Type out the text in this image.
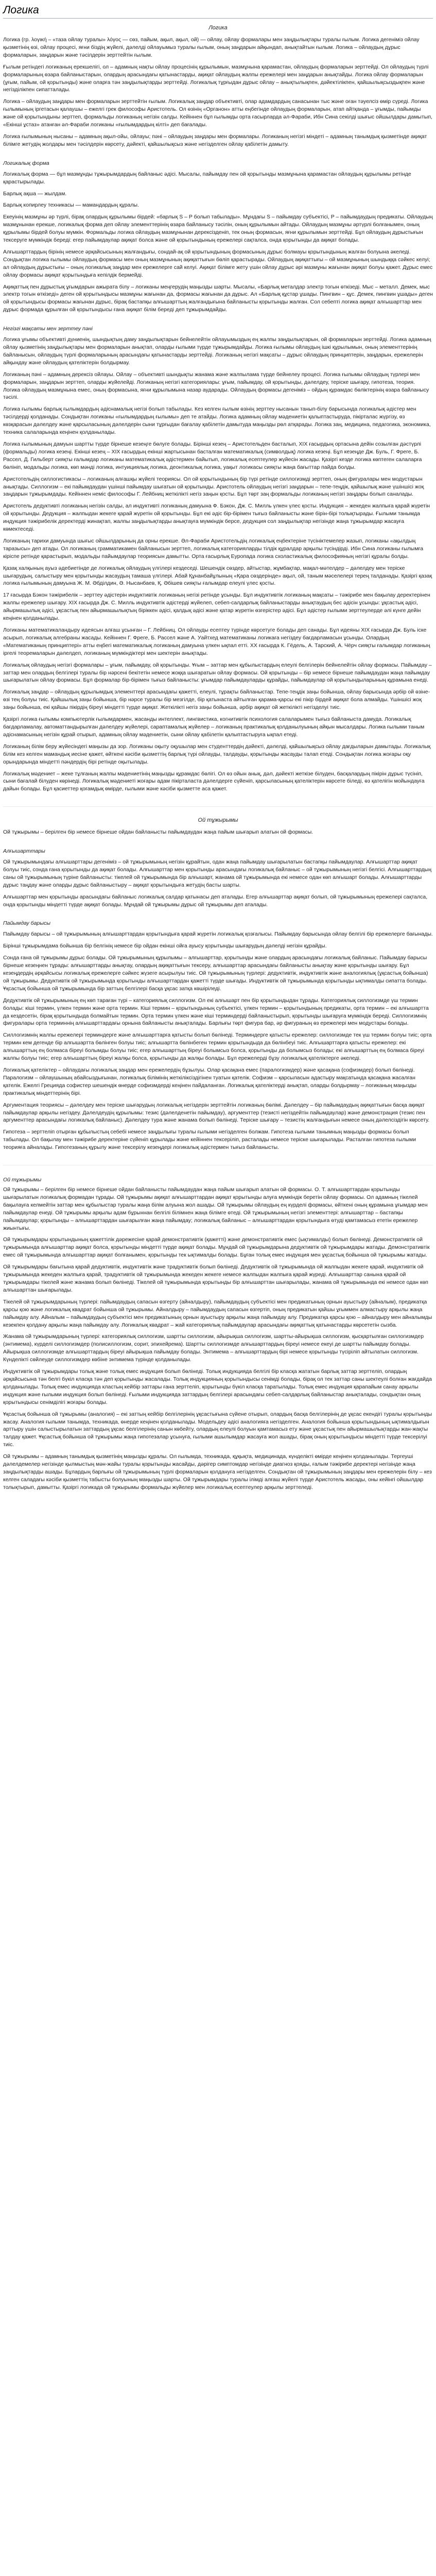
Логика
Логика

Логика (гр. λογική – «таза ойлау туралы» λόγος — сөз, пайым, ақыл, ақыл, ой) — ойлау, ойлау формалары мен заңдылықтары туралы ғылым. Логика дегеніміз ойлау қызметінің өзі, ойлау процесі, яғни біздің жүйелі, дәлелді ойлауымыз туралы ғылым, оның заңдарын айқындап, анықтайтын ғылым. Логика – ойлаудың дұрыс формаларын, заңдарын және тәсілдерін зерттейтін ғылым.

Ғылым ретіндегі логиканың ерекшелігі, ол – адамның нақты ойлау процесінің құрылымын, мазмұнына қарамастан, ойлаудың формаларын зерттейді. Ол ойлаудың түрлі формаларының өзара байланыстарын, олардың арасындағы қатынастарды, ақиқат ойлаудың жалпы ережелері мен заңдарын анықтайды. Логика ойлау формаларын (ұғым, пайым, ой қорытынды) және оларға тән заңдылықтарды зерттейді. Логикалық тұрғыдан дұрыс ойлау – анықтылықпен, дәйектілікпен, қайшылықсыздықпен және негізділікпен сипатталады.

Логика – ойлаудың заңдары мен формаларын зерттейтін ғылым. Логикалық заңдар объективті, олар адамдардың санасынан тыс және оған тәуелсіз өмір сүреді. Логика ғылымының іргетасын қалаушы – ежелгі грек философы Аристотель. Ол өзінің «Органон» атты еңбегінде ойлаудың формаларын, атап айтқанда – ұғымды, пайымды және ой қорытындыны зерттеп, формальды логиканың негізін салды. Кейіннен бұл ғылымды орта ғасырларда әл-Фараби, Ибн Сина секілді шығыс ойшылдары дамытып, «Екінші ұстаз» атанған әл-Фараби логиканы «ғылымдардың кілті» деп бағалады.

Логика ғылымының нысаны – адамның ақыл-ойы, ойлауы; пәні – ойлаудың заңдары мен формалары. Логиканың негізгі міндеті – адамның танымдық қызметінде ақиқат білімге жетудің жолдары мен тәсілдерін көрсету, дәйекті, қайшылықсыз және негізделген ойлау қабілетін дамыту.

Логикалық форма

Логикалық форма — бұл мазмұнды тұжырымдардың байланыс әдісі. Мысалы, пайымдау пен ой қорытынды мазмұнына қарамастан ойлаудың құрылымы ретінде қарастырылады.

Барлық ақша — жылдам.

Барлық копирлеу техникасы — мамандардың құралы.

Екеуінің мазмұны әр түрлі, бірақ олардың құрылымы бірдей: «барлық S – P болып табылады». Мұндағы S – пайымдау субъектісі, P – пайымдаудың предикаты. Ойлаудың мазмұнынан ерекше, логикалық форма деп ойлау элементтерінің өзара байланысу тәсілін, оның құрылымын айтады. Ойлаудың мазмұны әртүрлі болғанымен, оның құрылымы бірдей болуы мүмкін. Формальды логика ойлаудың мазмұнынан дерексізденіп, тек оның формасын, яғни құрылымын зерттейді. Бұл ойлаудың дұрыстығын тексеруге мүмкіндік береді: егер пайымдаулар ақиқат болса және ой қорытындының ережелері сақталса, онда қорытынды да ақиқат болады.

Алғышарттардың бірінің немесе әрқайсысының жалғандығы, сондай-ақ ой қорытындының формасының дұрыс болмауы қорытындының жалған болуына әкеледі. Сондықтан логика ғылымы ойлаудың формасы мен оның мазмұнының ақиқаттығын бөліп қарастырады. Ойлаудың ақиқаттығы – ой мазмұнының шындыққа сәйкес келуі; ал ойлаудың дұрыстығы – оның логикалық заңдар мен ережелерге сай келуі. Ақиқат білімге жету үшін ойлау дұрыс әрі мазмұны жағынан ақиқат болуы қажет. Дұрыс емес ойлау формасы ақиқат қорытындыға кепілдік бермейді.

Ақиқаттық пен дұрыстық ұғымдарын ажырата білу – логиканы меңгерудің маңызды шарты. Мысалы, «Барлық металдар электр тогын өткізеді. Мыс – металл. Демек, мыс электр тогын өткізеді» деген ой қорытындысы мазмұны жағынан да, формасы жағынан да дұрыс. Ал «Барлық құстар ұшады. Пингвин – құс. Демек, пингвин ұшады» деген ой қорытындысы формасы жағынан дұрыс, бірақ бастапқы алғышарттың жалғандығына байланысты қорытынды жалған. Сол себепті логика ақиқат алғышарттар мен дұрыс формада құрылған ой қорытындысы ғана ақиқат білім береді деп тұжырымдайды.

Негізгі мақсаты мен зерттеу пәні

Логика ұғымы объективті дүниенің, шындықтың даму заңдылықтарын бейнелейтін ойлауымыздың ең жалпы заңдылықтарын, ой формаларын зерттейді. Логика адамның ойлау қызметінің заңдылықтары мен формаларын анықтап, оларды ғылыми түрде тұжырымдайды. Логика ғылымы ойлаудың ішкі құрылымын, оның элементтерінің байланысын, ойлаудың түрлі формаларының арасындағы қатынастарды зерттейді. Логиканың негізгі мақсаты – дұрыс ойлаудың принциптерін, заңдарын, ережелерін айқындау және ойлаудың қателіктерін болдырмау.

Логиканың пәні – адамның дерексіз ойлауы. Ойлау – объективті шындықты жанама және жалпылама түрде бейнелеу процесі. Логика ғылымы ойлаудың түрлері мен формаларын, заңдарын зерттеп, оларды жүйелейді. Логиканың негізгі категориялары: ұғым, пайымдау, ой қорытынды, дәлелдеу, теріске шығару, гипотеза, теория. Логика ойлаудың мазмұнына емес, оның формасына, яғни құрылымына назар аударады. Ойлаудың формасы дегеніміз – ойдың құрамдас бөліктерінің өзара байланысу тәсілі.

Логика ғылымы барлық ғылымдардың әдіснамалық негізі болып табылады. Кез келген ғылым өзінің зерттеу нысанын танып-білу барысында логикалық әдістер мен тәсілдерді қолданады. Сондықтан логиканы «ғылымдардың ғылымы» деп те атайды. Логика адамның ойлау мәдениетін қалыптастыруда, пікірталас жүргізу, өз көзқарасын дәлелдеу және қарсыласының дәлелдерін сыни тұрғыдан бағалау қабілетін дамытуда маңызды рөл атқарады. Логика заң, медицина, педагогика, экономика, техника салаларында кеңінен қолданылады.

Логика ғылымының дамуын шартты түрде бірнеше кезеңге бөлуге болады. Бірінші кезең – Аристотельден басталып, XIX ғасырдың ортасына дейін созылған дәстүрлі (формальды) логика кезеңі. Екінші кезең – XIX ғасырдың екінші жартысынан басталған математикалық (символдық) логика кезеңі. Бұл кезеңде Дж. Буль, Г. Фреге, Б. Рассел, Д. Гильберт сияқты ғалымдар логиканы математикалық әдістермен байытып, логикалық есептеулер жүйесін жасады. Қазіргі кезде логика көптеген салаларға бөлініп, модальды логика, көп мәнді логика, интуициялық логика, деонтикалық логика, уақыт логикасы сияқты жаңа бағыттар пайда болды.

Аристотельдің силлогистикасы – логиканың алғашқы жүйелі теориясы. Ол ой қорытындының бір түрі ретінде силлогизмді зерттеп, оның фигуралары мен модустарын анықтады. Силлогизм – екі пайымдаудан үшінші пайымдау шығатын ой қорытынды. Аристотель ойлаудың негізгі заңдарын – тепе-теңдік, қайшылық және үшіншісі жоқ заңдарын тұжырымдады. Кейіннен неміс философы Г. Лейбниц жеткілікті негіз заңын қосты. Бұл төрт заң формальды логиканың негізгі заңдары болып саналады.

Аристотель дедуктивті логиканың негізін салды, ал индуктивті логиканың дамуына Ф. Бэкон, Дж. С. Милль үлкен үлес қосты. Индукция – жекеден жалпыға қарай жүретін ой қорытынды. Дедукция – жалпыдан жекеге қарай жүретін ой қорытынды. Бұл екі әдіс бір-бірімен тығыз байланысты және бірін-бірі толықтырады. Ғылыми танымда индукция тәжірибелік деректерді жинақтап, жалпы заңдылықтарды анықтауға мүмкіндік берсе, дедукция сол заңдылықтар негізінде жаңа тұжырымдар жасауға көмектеседі.

Логиканың тарихи дамуында шығыс ойшылдарының да орны ерекше. Әл-Фараби Аристотельдің логикалық еңбектеріне түсініктемелер жазып, логиканы «ақылдың таразысы» деп атады. Ол логиканың грамматикамен байланысын зерттеп, логикалық категорияларды тілдік құралдар арқылы түсіндірді. Ибн Сина логиканы ғылымға кіріспе ретінде қарастырып, модальды пайымдаулар теориясын дамытты. Орта ғасырлық Еуропада логика схоластикалық философияның негізгі құралы болды.

Қазақ халқының ауыз әдебиетінде де логикалық ойлаудың үлгілері кездеседі. Шешендік сөздер, айтыстар, жұмбақтар, мақал-мәтелдер – дәлелдеу мен теріске шығарудың, салыстыру мен қорытынды жасаудың тамаша үлгілері. Абай Құнанбайұлының «Қара сөздерінде» ақыл, ой, таным мәселелері терең талданады. Қазіргі қазақ логика ғылымының дамуына Ж. М. Әбділдин, Ә. Нысанбаев, Қ. Әбішев сияқты ғалымдар елеулі үлес қосты.

17 ғасырда Бэкон тәжірибелік – зерттеу әдістерін индуктивтік логиканың негізі ретінде ұсынды. Бұл индуктивтік логиканың мақсаты – тәжірибе мен бақылау деректерінен жалпы ережелер шығару. XIX ғасырда Дж. С. Милль индуктивтік әдістерді жүйелеп, себеп-салдарлық байланыстарды анықтаудың бес әдісін ұсынды: ұқсастық әдісі, айырмашылық әдісі, ұқсастық пен айырмашылықтың біріккен әдісі, қалдық әдісі және қатар жүретін өзгерістер әдісі. Бұл әдістер ғылыми зерттеулерде әлі күнге дейін кеңінен қолданылады.

Логиканы математикаландыру идеясын алғаш ұсынған – Г. Лейбниц. Ол ойлауды есептеу түрінде көрсетуге болады деп санады. Бұл идеяны XIX ғасырда Дж. Буль іске асырып, логикалық алгебраны жасады. Кейіннен Г. Фреге, Б. Рассел және А. Уайтхед математиканы логикаға негіздеу бағдарламасын ұсынды. Олардың «Математиканың принциптері» атты еңбегі математикалық логиканың дамуына үлкен ықпал етті. XX ғасырда К. Гёдель, А. Тарский, А. Чёрч сияқты ғалымдар логиканың іргелі теоремаларын дәлелдеп, логиканың мүмкіндіктері мен шектерін анықтады.

Логикалық ойлаудың негізгі формалары – ұғым, пайымдау, ой қорытынды. Ұғым – заттар мен құбылыстардың елеулі белгілерін бейнелейтін ойлау формасы. Пайымдау – заттар мен олардың белгілері туралы бір нәрсені бекітетін немесе жоққа шығаратын ойлау формасы. Ой қорытынды – бір немесе бірнеше пайымдаудан жаңа пайымдау шығарылатын ойлау формасы. Бұл формалар бір-бірімен тығыз байланысты: ұғымдар пайымдауларды құрайды, пайымдаулар ой қорытындыларының құрамына енеді.

Логикалық заңдар – ойлаудың құрылымдық элементтері арасындағы қажетті, елеулі, тұрақты байланыстар. Тепе-теңдік заңы бойынша, ойлау барысында әрбір ой өзіне-өзі тең болуы тиіс. Қайшылық заңы бойынша, бір нәрсе туралы бір мезгілде, бір қатынаста айтылған қарама-қарсы екі пікір бірдей ақиқат бола алмайды. Үшіншісі жоқ заңы бойынша, екі қайшы пікірдің біреуі міндетті түрде ақиқат. Жеткілікті негіз заңы бойынша, әрбір ақиқат ой жеткілікті негізделуі тиіс.

Қазіргі логика ғылымы компьютерлік ғылымдармен, жасанды интеллект, лингвистика, когнитивтік психология салаларымен тығыз байланыста дамуда. Логикалық бағдарламалау, автоматтандырылған дәлелдеу жүйелері, сараптамалық жүйелер – логиканың практикалық қолданылуының айқын мысалдары. Логика ғылыми таным әдіснамасының негізін құрай отырып, адамның ойлау мәдениетін, сыни ойлау қабілетін қалыптастыруға ықпал етеді.

Логиканың білім беру жүйесіндегі маңызы да зор. Логиканы оқыту оқушылар мен студенттердің дәйекті, дәлелді, қайшылықсыз ойлау дағдыларын дамытады. Логикалық білім кез келген мамандық иесіне қажет, өйткені кәсіби қызметтің барлық түрі ойлауды, талдауды, қорытынды жасауды талап етеді. Сондықтан логика жоғары оқу орындарында міндетті пәндердің бірі ретінде оқытылады.

Логикалық мәдениет – жеке тұлғаның жалпы мәдениетінің маңызды құрамдас бөлігі. Ол өз ойын анық, дәл, дәйекті жеткізе білуден, басқалардың пікірін дұрыс түсініп, сыни бағалай білуден көрінеді. Логикалық мәдениеті жоғары адам пікірталаста дәлелдерге сүйеніп, қарсыласының қателіктерін көрсете біледі, өз қателігін мойындауға дайын болады. Бұл қасиеттер қоғамдық өмірде, ғылыми және кәсіби қызметте аса қажет.

Ой тұжырымы

Ой тұжырымы – берілген бір немесе бірнеше ойдан байланысты пайымдаудан жаңа пайым шығарып алатын ой формасы.

Алғышарттары

Ой тұжырымындағы алғышарттары дегеніміз – ой тұжырымының негізін құрайтын, одан жаңа пайымдау шығарылатын бастапқы пайымдаулар. Алғышарттар ақиқат болуы тиіс, сонда ғана қорытынды да ақиқат болады. Алғышарттар мен қорытынды арасындағы логикалық байланыс – ой тұжырымының негізгі белгісі. Алғышарттардың саны ой тұжырымының түріне байланысты: тікелей ой тұжырымында бір алғышарт, жанама ой тұжырымында екі немесе одан көп алғышарт болады. Алғышарттарды дұрыс таңдау және оларды дұрыс байланыстыру – ақиқат қорытындыға жетудің басты шарты.

Алғышарттар мен қорытынды арасындағы байланыс логикалық салдар қатынасы деп аталады. Егер алғышарттар ақиқат болып, ой тұжырымының ережелері сақталса, онда қорытынды міндетті түрде ақиқат болады. Мұндай ой тұжырымы дұрыс ой тұжырымы деп аталады.

Пайымдау барысы

Пайымдау барысы – ой тұжырымының алғышарттардан қорытындыға қарай жүретін логикалық қозғалысы. Пайымдау барысында ойлау белгілі бір ережелерге бағынады.

Бірінші тұжырымдама бойынша бір белгінің немесе бір ойдан екінші ойға ауысу қорытынды шығарудың дәлелді негізін құрайды.

Сонда ғана ой тұжырымы дұрыс болады. Ой тұжырымының құрылымы – алғышарттар, қорытынды және олардың арасындағы логикалық байланыс. Пайымдау барысы бірнеше кезеңнен тұрады: алғышарттарды анықтау, олардың ақиқаттығын тексеру, алғышарттар арасындағы байланысты анықтау және қорытынды шығару. Бұл кезеңдердің әрқайсысы логикалық ережелерге сәйкес жүзеге асырылуы тиіс. Ой тұжырымының түрлері: дедуктивтік, индуктивтік және аналогиялық (ұқсастық бойынша) ой тұжырымы. Дедуктивтік ой тұжырымында қорытынды алғышарттардан қажетті түрде шығады. Индуктивтік ой тұжырымында қорытынды ықтималды сипатта болады. Ұқсастық бойынша ой тұжырымында бір заттың белгілері басқа ұқсас затқа көшіріледі.

Дедуктивтік ой тұжырымының ең көп тараған түрі – категориялық силлогизм. Ол екі алғышарт пен бір қорытындыдан тұрады. Категориялық силлогизмде үш термин болады: кіші термин, үлкен термин және орта термин. Кіші термин – қорытындының субъектісі, үлкен термин – қорытындының предикаты, орта термин – екі алғышартта да кездесетін, бірақ қорытындыда болмайтын термин. Орта термин үлкен және кіші терминдерді байланыстырып, қорытынды шығаруға мүмкіндік береді. Силлогизмнің фигуралары орта терминнің алғышарттардағы орнына байланысты анықталады. Барлығы төрт фигура бар, әр фигураның өз ережелері мен модустары болады.

Силлогизмнің жалпы ережелері терминдерге және алғышарттарға қатысты болып бөлінеді. Терминдерге қатысты ережелер: силлогизмде тек үш термин болуы тиіс; орта термин кем дегенде бір алғышартта бөлінген болуы тиіс; алғышартта бөлінбеген термин қорытындыда да бөлінбеуі тиіс. Алғышарттарға қатысты ережелер: екі алғышарттың ең болмаса біреуі болымды болуы тиіс; егер алғышарттың біреуі болымсыз болса, қорытынды да болымсыз болады; екі алғышарттың ең болмаса біреуі жалпы болуы тиіс; егер алғышарттың біреуі жалқы болса, қорытынды да жалқы болады. Бұл ережелерді бұзу логикалық қателіктерге әкеледі.

Логикалық қателіктер – ойлаудағы логикалық заңдар мен ережелердің бұзылуы. Олар қасақана емес (паралогизмдер) және қасақана (софизмдер) болып бөлінеді. Паралогизм – ойлаушының абайсыздығынан, логикалық білімінің жеткіліксіздігінен туатын қателік. Софизм – қарсыласын адастыру мақсатында қасақана жасалған қателік. Ежелгі Грецияда софистер шешендік өнерде софизмдерді кеңінен пайдаланған. Логикалық қателіктерді анықтап, оларды болдырмау – логиканың маңызды практикалық міндеттерінің бірі.

Аргументация теориясы – дәлелдеу мен теріске шығарудың логикалық негіздерін зерттейтін логиканың бөлімі. Дәлелдеу – бір пайымдаудың ақиқаттығын басқа ақиқат пайымдаулар арқылы негіздеу. Дәлелдеудің құрылымы: тезис (дәлелденетін пайымдау), аргументтер (тезисті негіздейтін пайымдаулар) және демонстрация (тезис пен аргументтер арасындағы логикалық байланыс). Дәлелдеу тура және жанама болып бөлінеді. Теріске шығару – тезистің жалғандығын немесе оның дәлелсіздігін көрсету.

Гипотеза – зерттеліп отырған құбылыстың себебі немесе заңдылығы туралы ғылыми негізделген болжам. Гипотеза ғылыми танымның маңызды формасы болып табылады. Ол бақылау мен тәжірибе деректеріне сүйеніп құрылады және кейіннен тексеріліп, расталады немесе теріске шығарылады. Расталған гипотеза ғылыми теорияға айналады. Гипотезаның құрылу және тексерілу кезеңдері логикалық әдістермен тығыз байланысты.

Ой тұжырымы

Ой тұжырымы – берілген бір немесе бірнеше ойдан байланысты пайымдаудан жаңа пайым шығарып алатын ой формасы. О. Т. алғышарттардан қорытынды шығарылатын логикалық формадан тұрады. Ой тұжырымы ақиқат алғышарттардан ақиқат қорытынды алуға мүмкіндік беретін ойлау формасы. Ол адамның тікелей бақылауға келмейтін заттар мен құбылыстар туралы жаңа білім алуына жол ашады. Ой тұжырымы ойлаудың ең күрделі формасы, өйткені оның құрамына ұғымдар мен пайымдаулар енеді. Ой тұжырымы арқылы адам бұрыннан белгілі білімнен жаңа білімге өтеді. Ой тұжырымының негізгі элементтері: алғышарттар – бастапқы пайымдаулар; қорытынды – алғышарттардан шығарылған жаңа пайымдау; логикалық байланыс – алғышарттардан қорытындыға өтуді қамтамасыз ететін ережелер жиынтығы.

Ой тұжырымдары қорытындының қажеттілік дәрежесіне қарай демонстративтік (қажетті) және демонстративтік емес (ықтималды) болып бөлінеді. Демонстративтік ой тұжырымында алғышарттар ақиқат болса, қорытынды міндетті түрде ақиқат болады. Мұндай ой тұжырымдарына дедуктивтік ой тұжырымдары жатады. Демонстративтік емес ой тұжырымында алғышарттар ақиқат болғанымен, қорытынды тек ықтималды болады. Бұған толық емес индукция мен ұқсастық бойынша ой тұжырымы жатады.

Ой тұжырымдары бағытына қарай дедуктивтік, индуктивтік және традуктивтік болып бөлінеді. Дедуктивтік ой тұжырымында ой жалпыдан жекеге қарай, индуктивтік ой тұжырымында жекеден жалпыға қарай, традуктивтік ой тұжырымында жекеден жекеге немесе жалпыдан жалпыға қарай жүреді. Алғышарттар санына қарай ой тұжырымдары тікелей және жанама болып бөлінеді. Тікелей ой тұжырымында қорытынды бір алғышарттан шығарылады, жанама ой тұжырымында екі немесе одан көп алғышарттан шығарылады.

Тікелей ой тұжырымдарының түрлері: пайымдаудың сапасын өзгерту (айналдыру), пайымдаудың субъектісі мен предикатының орнын ауыстыру (айналым), предикатқа қарсы қою және логикалық квадрат бойынша ой тұжырымы. Айналдыру – пайымдаудың сапасын өзгертіп, оның предикатын қайшы ұғыммен алмастыру арқылы жаңа пайымдау алу. Айналым – пайымдаудың субъектісі мен предикатының орнын ауыстыру арқылы жаңа пайымдау алу. Предикатқа қарсы қою – айналдыру мен айналымды кезекпен қолдану арқылы жаңа пайымдау алу. Логикалық квадрат – жай категориялық пайымдаулар арасындағы ақиқаттық қатынастарды көрсететін сызба.

Жанама ой тұжырымдарының түрлері: категориялық силлогизм, шартты силлогизм, айырықша силлогизм, шартты-айырықша силлогизм, қысқартылған силлогизмдер (энтимема), күрделі силлогизмдер (полисиллогизм, сорит, эпихейрема). Шартты силлогизмде алғышарттардың біреуі немесе екеуі де шартты пайымдау болады. Айырықша силлогизмде алғышарттардың біреуі айырықша пайымдау болады. Энтимема – алғышарттардың бірі немесе қорытынды түсіріліп айтылатын силлогизм. Күнделікті сөйлеуде силлогизмдер көбіне энтимема түрінде қолданылады.

Индуктивтік ой тұжырымдары толық және толық емес индукция болып бөлінеді. Толық индукцияда белгілі бір класқа жататын барлық заттар зерттеліп, олардың әрқайсысына тән белгі бүкіл класқа тән деп қорытынды жасалады. Толық индукцияның қорытындысы сенімді болады, бірақ ол тек заттар саны шектеулі болған жағдайда қолданылады. Толық емес индукцияда кластың кейбір заттары ғана зерттеліп, қорытынды бүкіл класқа таратылады. Толық емес индукция қарапайым санау арқылы индукция және ғылыми индукция болып бөлінеді. Ғылыми индукцияда заттардың белгілері арасындағы себеп-салдарлық байланыстар анықталады, сондықтан оның қорытындысы сенімділігі жоғары болады.

Ұқсастық бойынша ой тұжырымы (аналогия) – екі заттың кейбір белгілерінің ұқсастығына сүйене отырып, олардың басқа белгілерінің де ұқсас екендігі туралы қорытынды жасау. Аналогия ғылыми танымда, техникада, өнерде кеңінен қолданылады. Модельдеу әдісі аналогияға негізделген. Аналогия бойынша қорытындының ықтималдығын арттыру үшін салыстырылатын заттардың ұқсас белгілерінің санын көбейту, олардың елеулі болуын қамтамасыз ету және ұқсастық пен айырмашылықтарды жан-жақты талдау қажет. Ұқсастық бойынша ой тұжырымы жаңа гипотезалар ұсынуға, ғылыми ашылымдар жасауға жол ашады, бірақ оның қорытындысы міндетті түрде тексерілуі тиіс.

Ой тұжырымы – адамның танымдық қызметінің маңызды құралы. Ол ғылымда, техникада, құқықта, медицинада, күнделікті өмірде кеңінен қолданылады. Тергеуші дәлелдемелер негізінде қылмыстың мән-жайы туралы қорытынды жасайды, дәрігер симптомдар негізінде диагноз қояды, ғалым тәжірибе деректері негізінде жаңа заңдылықтарды ашады. Бұлардың барлығы ой тұжырымының түрлі формаларын қолдануға негізделген. Сондықтан ой тұжырымының заңдары мен ережелерін білу – кез келген саладағы кәсіби қызметтің табысты болуының маңызды шарты. Ой тұжырымдары туралы ілімді алғаш жүйелі түрде Аристотель жасады, оны кейінгі ойшылдар толықтырып, дамытты. Қазіргі логикада ой тұжырымы формальды жүйелер мен логикалық есептеулер арқылы зерттеледі.
